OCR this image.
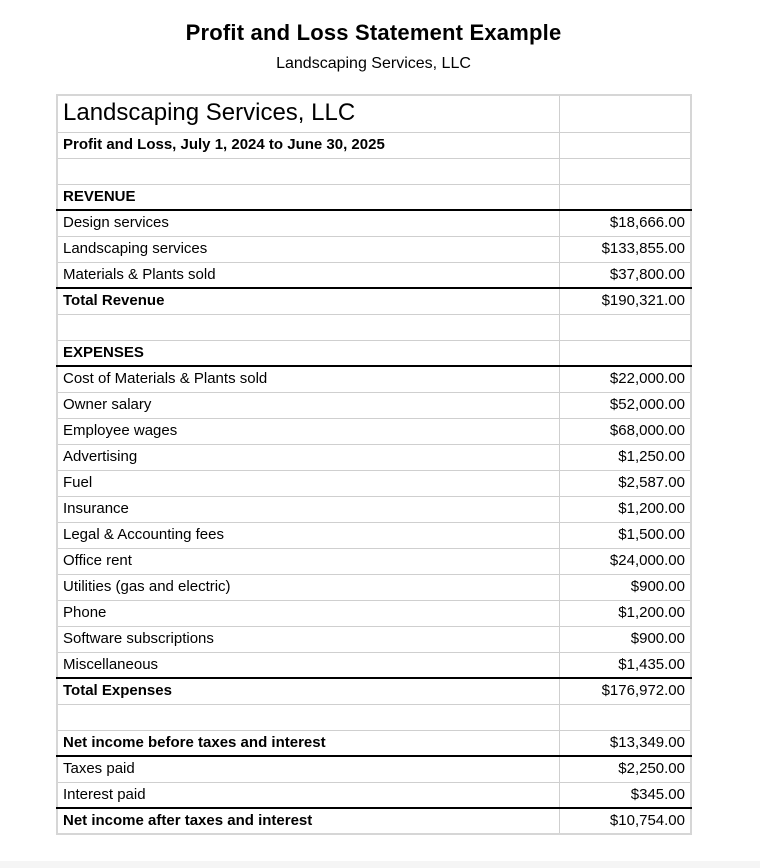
Profit and Loss Statement Example
Landscaping Services, LLC
Landscaping Services, LLC	
Profit and Loss, July 1, 2024 to June 30, 2025	

REVENUE	
Design services	$18,666.00
Landscaping services	$133,855.00
Materials & Plants sold	$37,800.00
Total Revenue	$190,321.00

EXPENSES	
Cost of Materials & Plants sold	$22,000.00
Owner salary	$52,000.00
Employee wages	$68,000.00
Advertising	$1,250.00
Fuel	$2,587.00
Insurance	$1,200.00
Legal & Accounting fees	$1,500.00
Office rent	$24,000.00
Utilities (gas and electric)	$900.00
Phone	$1,200.00
Software subscriptions	$900.00
Miscellaneous	$1,435.00
Total Expenses	$176,972.00

Net income before taxes and interest	$13,349.00
Taxes paid	$2,250.00
Interest paid	$345.00
Net income after taxes and interest	$10,754.00
